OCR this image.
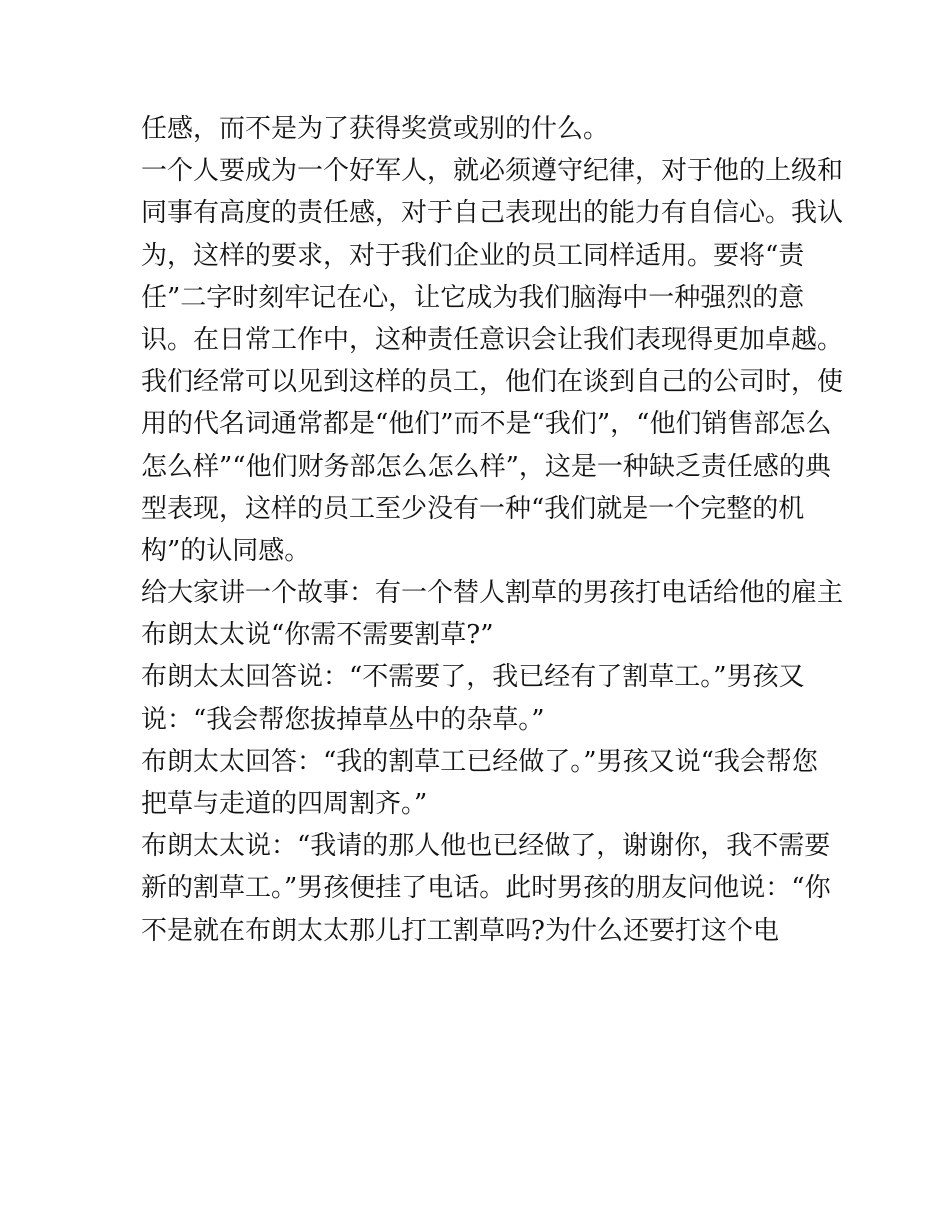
任感，而不是为了获得奖赏或别的什么。
一个人要成为一个好军人，就必须遵守纪律，对于他的上级和
同事有高度的责任感，对于自己表现出的能力有自信心。我认
为，这样的要求，对于我们企业的员工同样适用。要将“责
任”二字时刻牢记在心，让它成为我们脑海中一种强烈的意
识。在日常工作中，这种责任意识会让我们表现得更加卓越。
我们经常可以见到这样的员工，他们在谈到自己的公司时，使
用的代名词通常都是“他们”而不是“我们”，“他们销售部怎么
怎么样”“他们财务部怎么怎么样”，这是一种缺乏责任感的典
型表现，这样的员工至少没有一种“我们就是一个完整的机
构”的认同感。
给大家讲一个故事：有一个替人割草的男孩打电话给他的雇主
布朗太太说“你需不需要割草?”
布朗太太回答说：“不需要了，我已经有了割草工。”男孩又
说：“我会帮您拔掉草丛中的杂草。”
布朗太太回答：“我的割草工已经做了。”男孩又说“我会帮您
把草与走道的四周割齐。”
布朗太太说：“我请的那人他也已经做了，谢谢你，我不需要
新的割草工。”男孩便挂了电话。此时男孩的朋友问他说：“你
不是就在布朗太太那儿打工割草吗?为什么还要打这个电
